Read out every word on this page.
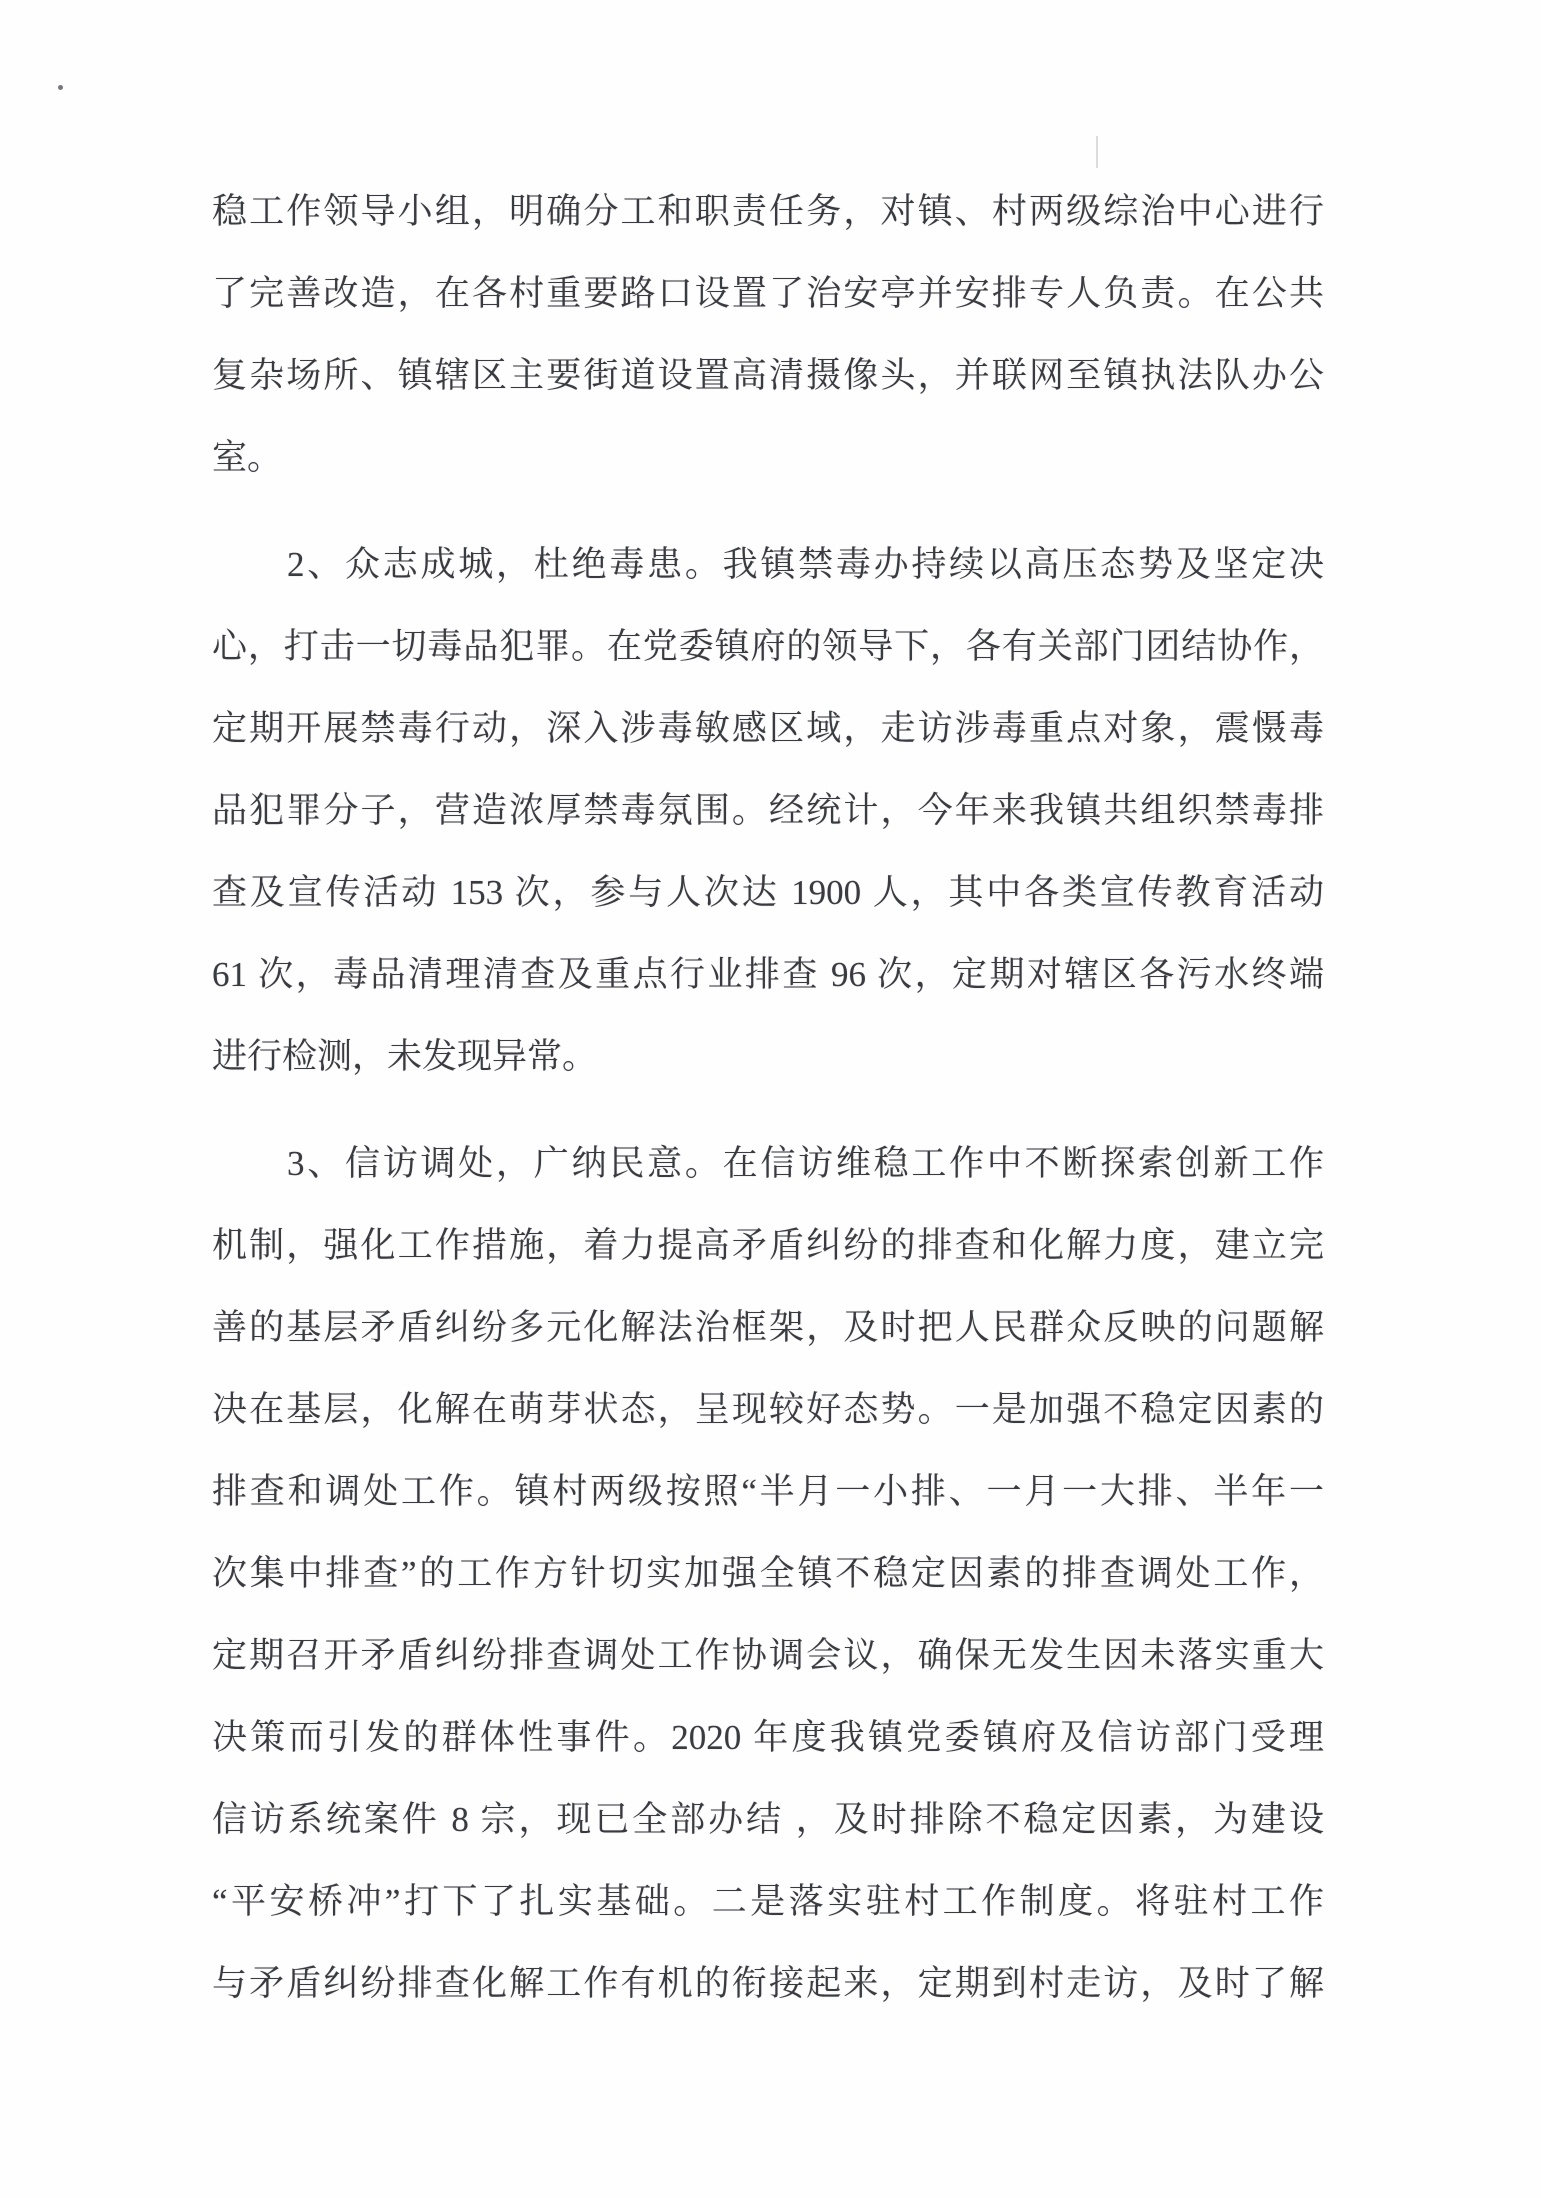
稳工作领导小组，明确分工和职责任务，对镇、村两级综治中心进行
了完善改造，在各村重要路口设置了治安亭并安排专人负责。在公共
复杂场所、镇辖区主要街道设置高清摄像头，并联网至镇执法队办公
室。
2、众志成城，杜绝毒患。我镇禁毒办持续以高压态势及坚定决
心，打击一切毒品犯罪。在党委镇府的领导下，各有关部门团结协作，
定期开展禁毒行动，深入涉毒敏感区域，走访涉毒重点对象，震慑毒
品犯罪分子，营造浓厚禁毒氛围。经统计，今年来我镇共组织禁毒排
查及宣传活动 153 次，参与人次达 1900 人，其中各类宣传教育活动
61 次，毒品清理清查及重点行业排查 96 次，定期对辖区各污水终端
进行检测，未发现异常。
3、信访调处，广纳民意。在信访维稳工作中不断探索创新工作
机制，强化工作措施，着力提高矛盾纠纷的排查和化解力度，建立完
善的基层矛盾纠纷多元化解法治框架，及时把人民群众反映的问题解
决在基层，化解在萌芽状态，呈现较好态势。一是加强不稳定因素的
排查和调处工作。镇村两级按照“半月一小排、一月一大排、半年一
次集中排查”的工作方针切实加强全镇不稳定因素的排查调处工作，
定期召开矛盾纠纷排查调处工作协调会议，确保无发生因未落实重大
决策而引发的群体性事件。2020 年度我镇党委镇府及信访部门受理
信访系统案件 8 宗，现已全部办结 ，及时排除不稳定因素，为建设
“平安桥冲”打下了扎实基础。二是落实驻村工作制度。将驻村工作
与矛盾纠纷排查化解工作有机的衔接起来，定期到村走访，及时了解
